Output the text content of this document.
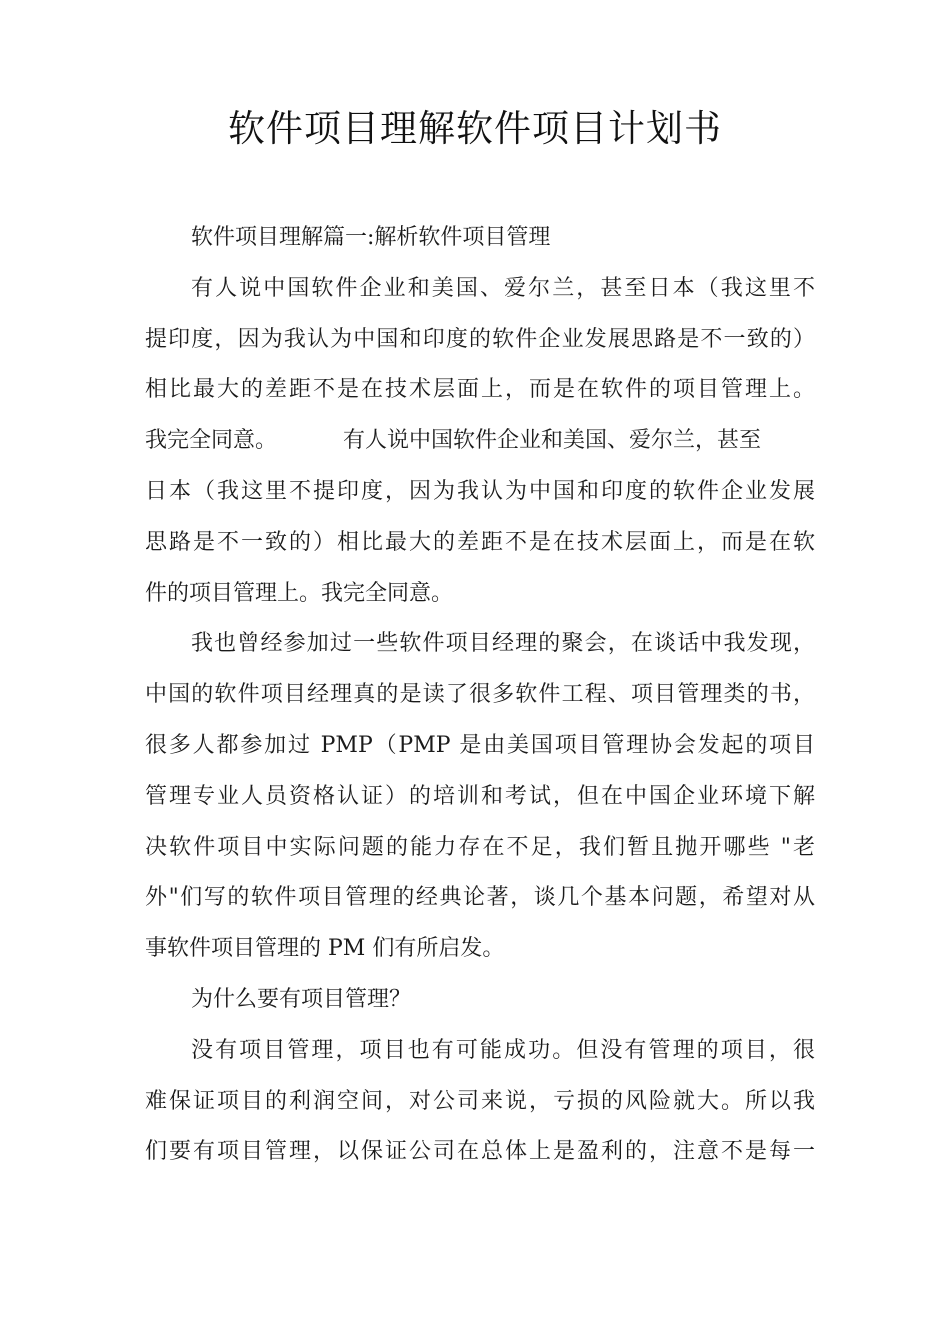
软件项目理解软件项目计划书
软件项目理解篇一:解析软件项目管理
有人说中国软件企业和美国、爱尔兰，甚至日本（我这里不
提印度，因为我认为中国和印度的软件企业发展思路是不一致的）
相比最大的差距不是在技术层面上，而是在软件的项目管理上。
我完全同意。	有人说中国软件企业和美国、爱尔兰，甚至
日本（我这里不提印度，因为我认为中国和印度的软件企业发展
思路是不一致的）相比最大的差距不是在技术层面上，而是在软
件的项目管理上。我完全同意。
我也曾经参加过一些软件项目经理的聚会，在谈话中我发现，
中国的软件项目经理真的是读了很多软件工程、项目管理类的书，
很多人都参加过 PMP（PMP 是由美国项目管理协会发起的项目
管理专业人员资格认证）的培训和考试，但在中国企业环境下解
决软件项目中实际问题的能力存在不足，我们暂且抛开哪些 "老
外"们写的软件项目管理的经典论著，谈几个基本问题，希望对从
事软件项目管理的 PM 们有所启发。
为什么要有项目管理？
没有项目管理，项目也有可能成功。但没有管理的项目，很
难保证项目的利润空间，对公司来说，亏损的风险就大。所以我
们要有项目管理，以保证公司在总体上是盈利的，注意不是每一
